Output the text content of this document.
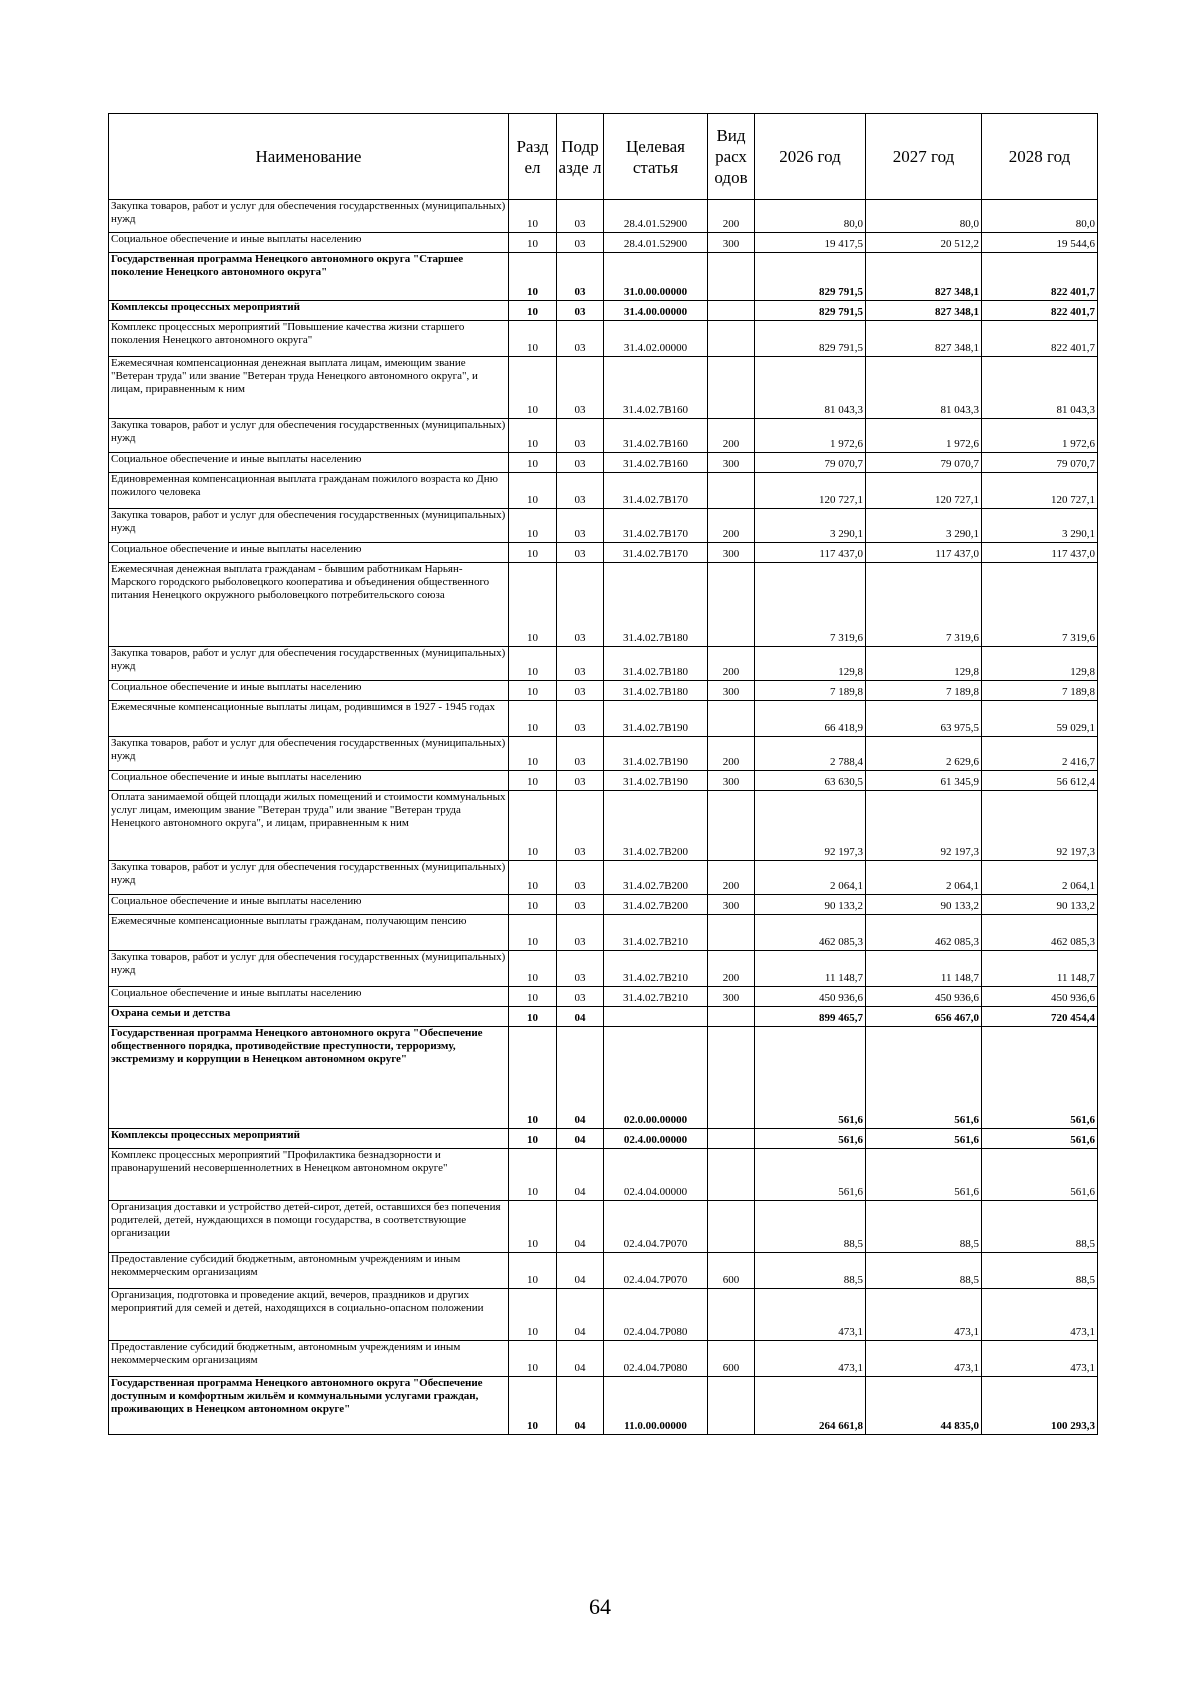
Наименование	Разд ел	Подр азде л	Целевая статья	Вид расх одов	2026 год	2027 год	2028 год
Закупка товаров, работ и услуг для обеспечения государственных (муниципальных) нужд	10	03	28.4.01.52900	200	80,0	80,0	80,0
Социальное обеспечение и иные выплаты населению	10	03	28.4.01.52900	300	19 417,5	20 512,2	19 544,6
Государственная программа Ненецкого автономного округа "Старшее поколение Ненецкого автономного округа"	10	03	31.0.00.00000		829 791,5	827 348,1	822 401,7
Комплексы процессных мероприятий	10	03	31.4.00.00000		829 791,5	827 348,1	822 401,7
Комплекс процессных мероприятий "Повышение качества жизни старшего поколения Ненецкого автономного округа"	10	03	31.4.02.00000		829 791,5	827 348,1	822 401,7
Ежемесячная компенсационная денежная выплата лицам, имеющим звание "Ветеран труда" или звание "Ветеран труда Ненецкого автономного округа", и лицам, приравненным к ним	10	03	31.4.02.7В160		81 043,3	81 043,3	81 043,3
Закупка товаров, работ и услуг для обеспечения государственных (муниципальных) нужд	10	03	31.4.02.7В160	200	1 972,6	1 972,6	1 972,6
Социальное обеспечение и иные выплаты населению	10	03	31.4.02.7В160	300	79 070,7	79 070,7	79 070,7
Единовременная компенсационная выплата гражданам пожилого возраста ко Дню пожилого человека	10	03	31.4.02.7В170		120 727,1	120 727,1	120 727,1
Закупка товаров, работ и услуг для обеспечения государственных (муниципальных) нужд	10	03	31.4.02.7В170	200	3 290,1	3 290,1	3 290,1
Социальное обеспечение и иные выплаты населению	10	03	31.4.02.7В170	300	117 437,0	117 437,0	117 437,0
Ежемесячная денежная выплата гражданам - бывшим работникам Нарьян-Марского городского рыболовецкого кооператива и объединения общественного питания Ненецкого окружного рыболовецкого потребительского союза	10	03	31.4.02.7В180		7 319,6	7 319,6	7 319,6
Закупка товаров, работ и услуг для обеспечения государственных (муниципальных) нужд	10	03	31.4.02.7В180	200	129,8	129,8	129,8
Социальное обеспечение и иные выплаты населению	10	03	31.4.02.7В180	300	7 189,8	7 189,8	7 189,8
Ежемесячные компенсационные выплаты лицам, родившимся в 1927 - 1945 годах	10	03	31.4.02.7В190		66 418,9	63 975,5	59 029,1
Закупка товаров, работ и услуг для обеспечения государственных (муниципальных) нужд	10	03	31.4.02.7В190	200	2 788,4	2 629,6	2 416,7
Социальное обеспечение и иные выплаты населению	10	03	31.4.02.7В190	300	63 630,5	61 345,9	56 612,4
Оплата занимаемой общей площади жилых помещений и стоимости коммунальных услуг лицам, имеющим звание "Ветеран труда" или звание "Ветеран труда Ненецкого автономного округа", и лицам, приравненным к ним	10	03	31.4.02.7В200		92 197,3	92 197,3	92 197,3
Закупка товаров, работ и услуг для обеспечения государственных (муниципальных) нужд	10	03	31.4.02.7В200	200	2 064,1	2 064,1	2 064,1
Социальное обеспечение и иные выплаты населению	10	03	31.4.02.7В200	300	90 133,2	90 133,2	90 133,2
Ежемесячные компенсационные выплаты гражданам, получающим пенсию	10	03	31.4.02.7В210		462 085,3	462 085,3	462 085,3
Закупка товаров, работ и услуг для обеспечения государственных (муниципальных) нужд	10	03	31.4.02.7В210	200	11 148,7	11 148,7	11 148,7
Социальное обеспечение и иные выплаты населению	10	03	31.4.02.7В210	300	450 936,6	450 936,6	450 936,6
Охрана семьи и детства	10	04			899 465,7	656 467,0	720 454,4
Государственная программа Ненецкого автономного округа "Обеспечение общественного порядка, противодействие преступности, терроризму, экстремизму и коррупции в Ненецком автономном округе"	10	04	02.0.00.00000		561,6	561,6	561,6
Комплексы процессных мероприятий	10	04	02.4.00.00000		561,6	561,6	561,6
Комплекс процессных мероприятий "Профилактика безнадзорности и правонарушений несовершеннолетних в Ненецком автономном округе"	10	04	02.4.04.00000		561,6	561,6	561,6
Организация доставки и устройство детей-сирот, детей, оставшихся без попечения родителей, детей, нуждающихся в помощи государства, в соответствующие организации	10	04	02.4.04.7Р070		88,5	88,5	88,5
Предоставление субсидий бюджетным, автономным учреждениям и иным некоммерческим организациям	10	04	02.4.04.7Р070	600	88,5	88,5	88,5
Организация, подготовка и проведение акций, вечеров, праздников и других мероприятий для семей и детей, находящихся в социально-опасном положении	10	04	02.4.04.7Р080		473,1	473,1	473,1
Предоставление субсидий бюджетным, автономным учреждениям и иным некоммерческим организациям	10	04	02.4.04.7Р080	600	473,1	473,1	473,1
Государственная программа Ненецкого автономного округа "Обеспечение доступным и комфортным жильём и коммунальными услугами граждан, проживающих в Ненецком автономном округе"	10	04	11.0.00.00000		264 661,8	44 835,0	100 293,3
64
